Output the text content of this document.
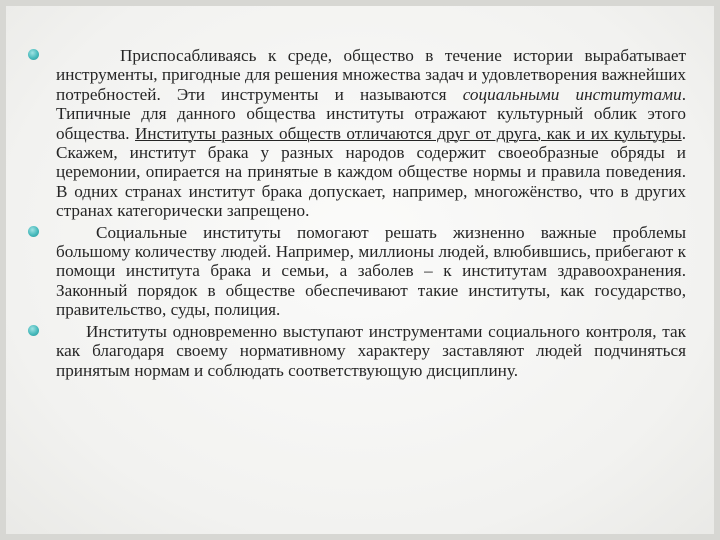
Приспосабливаясь к среде, общество в течение истории вырабатывает инструменты, пригодные для решения множества задач и удовлетворения важнейших потребностей. Эти инструменты и называются социальными институтами. Типичные для данного общества институты отражают культурный облик этого общества. Институты разных обществ отличаются друг от друга, как и их культуры. Скажем, институт брака у разных народов содержит своеобразные обряды и церемонии, опирается на принятые в каждом обществе нормы и правила поведения. В одних странах институт брака допускает, например, многожёнство, что в других странах категорически запрещено.

Социальные институты помогают решать жизненно важные проблемы большому количеству людей. Например, миллионы людей, влюбившись, прибегают к помощи института брака и семьи, а заболев – к институтам здравоохранения. Законный порядок в обществе обеспечивают такие институты, как государство, правительство, суды, полиция.

Институты одновременно выступают инструментами социального контроля, так как благодаря своему нормативному характеру заставляют людей подчиняться принятым нормам и соблюдать соответствующую дисциплину.
